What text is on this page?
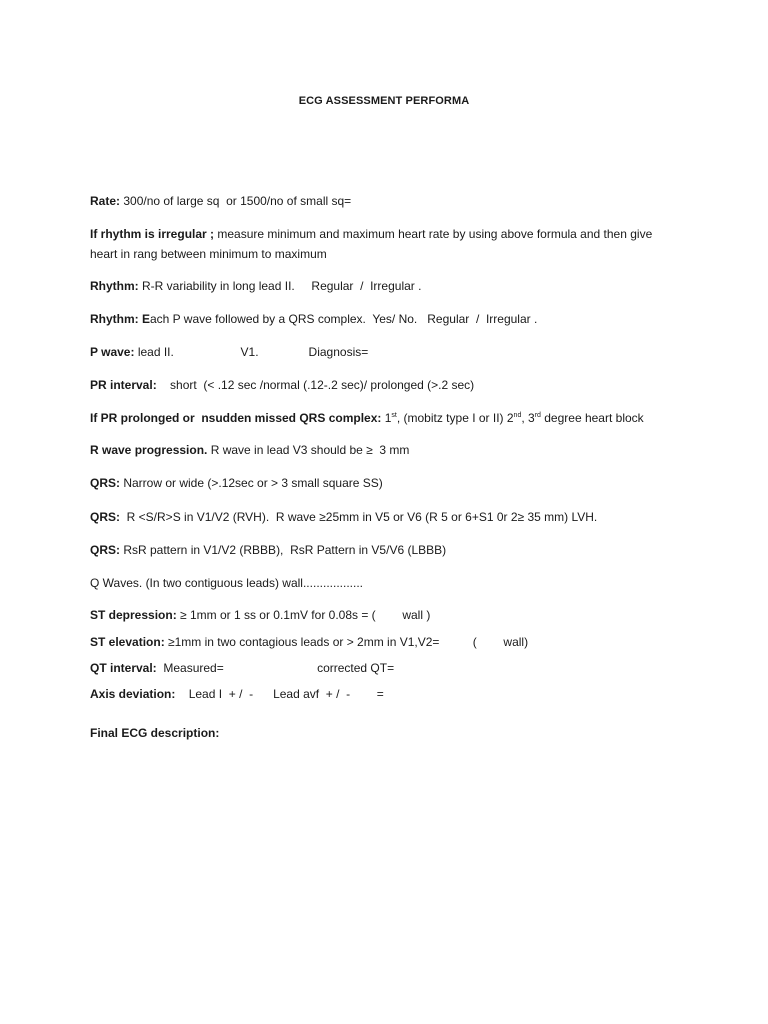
ECG ASSESSMENT PERFORMA
Rate: 300/no of large sq  or 1500/no of small sq=
If rhythm is irregular ; measure minimum and maximum heart rate by using above formula and then give heart in rang between minimum to maximum
Rhythm: R-R variability in long lead II.     Regular  /  Irregular .
Rhythm: Each P wave followed by a QRS complex.  Yes/ No.   Regular  /  Irregular .
P wave: lead II.                    V1.               Diagnosis=
PR interval:    short  (< .12 sec /normal (.12-.2 sec)/ prolonged (>.2 sec)
If PR prolonged or  nsudden missed QRS complex: 1st, (mobitz type I or II) 2nd, 3rd degree heart block
R wave progression. R wave in lead V3 should be ≥  3 mm
QRS: Narrow or wide (>.12sec or > 3 small square SS)
QRS:  R <S/R>S in V1/V2 (RVH).  R wave ≥25mm in V5 or V6 (R 5 or 6+S1 0r 2≥ 35 mm) LVH.
QRS: RsR pattern in V1/V2 (RBBB),  RsR Pattern in V5/V6 (LBBB)
Q Waves. (In two contiguous leads) wall..................
ST depression: ≥ 1mm or 1 ss or 0.1mV for 0.08s = (        wall )
ST elevation: ≥1mm in two contagious leads or > 2mm in V1,V2=          (        wall)
QT interval:  Measured=                            corrected QT=
Axis deviation:    Lead I  + /  -      Lead avf  + /  -        =
Final ECG description:
